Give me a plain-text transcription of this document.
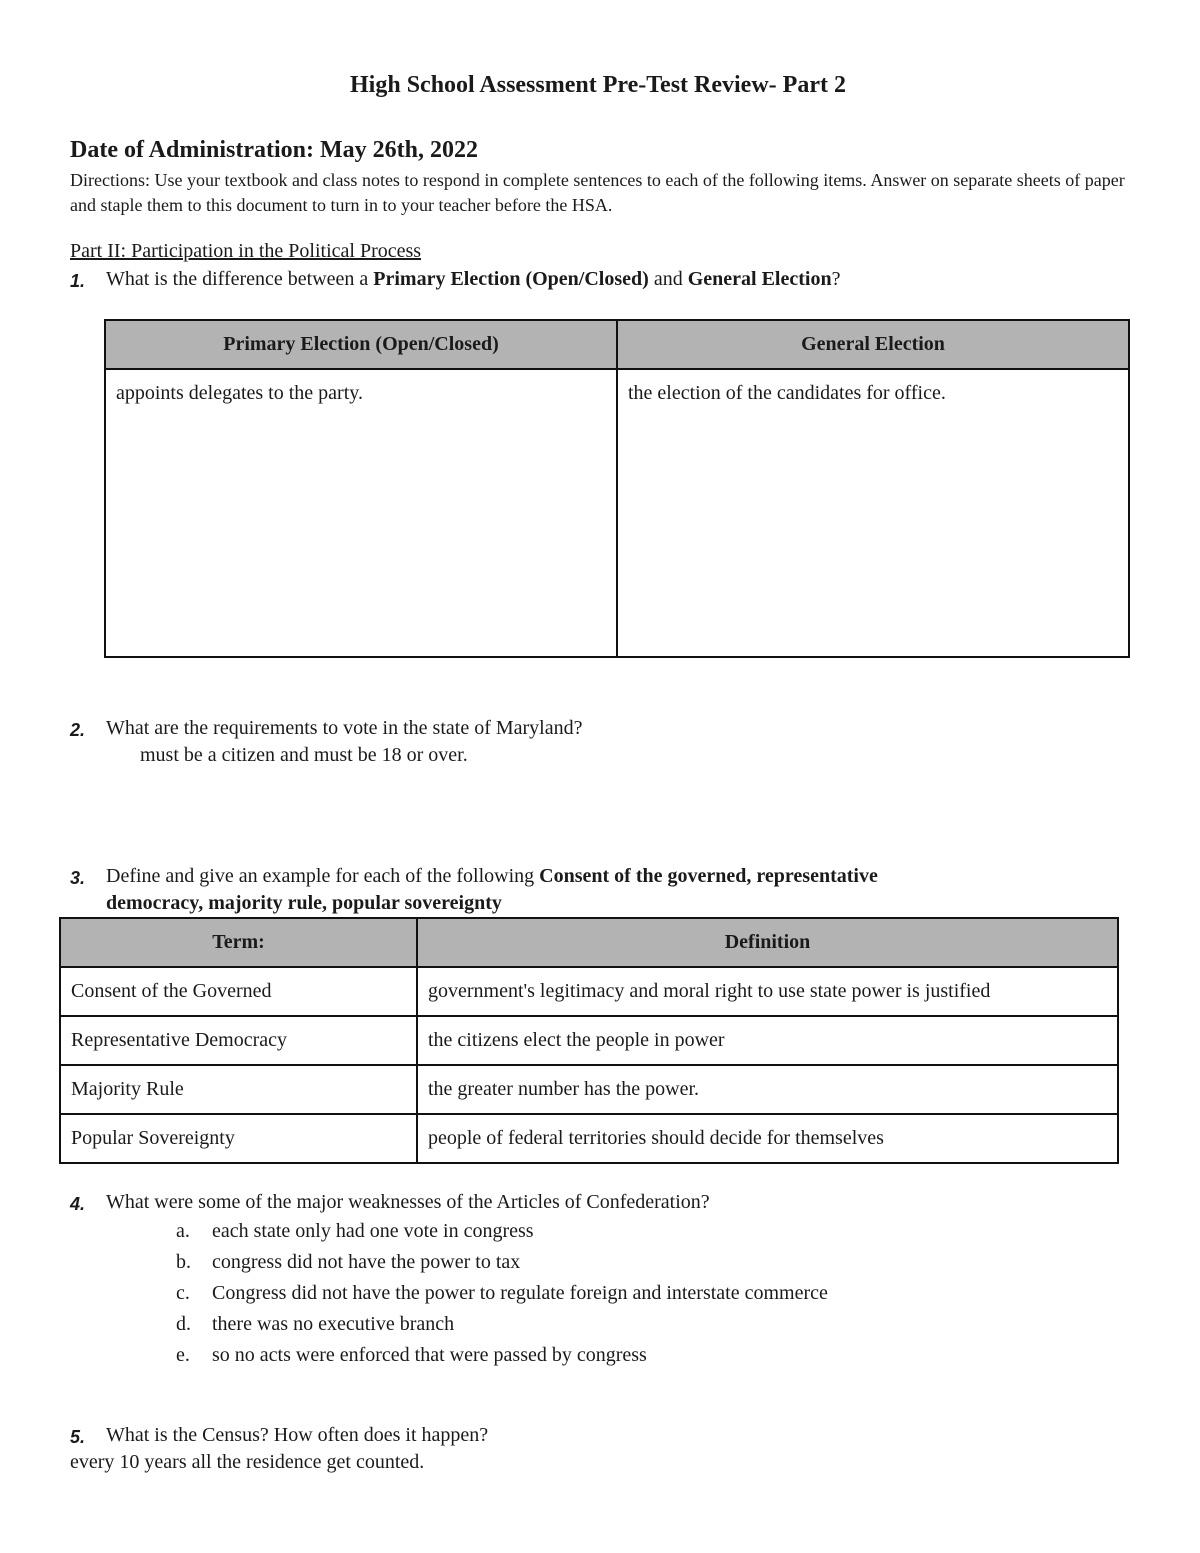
High School Assessment Pre-Test Review- Part 2
Date of Administration: May 26th, 2022
Directions: Use your textbook and class notes to respond in complete sentences to each of the following items. Answer on separate sheets of paper and staple them to this document to turn in to your teacher before the HSA.
Part II: Participation in the Political Process
1. What is the difference between a Primary Election (Open/Closed) and General Election?
Primary Election (Open/Closed)	General Election
appoints delegates to the party.	the election of the candidates for office.
2. What are the requirements to vote in the state of Maryland?
must be a citizen and must be 18 or over.
3. Define and give an example for each of the following Consent of the governed, representative
democracy, majority rule, popular sovereignty
Term:	Definition
Consent of the Governed	government's legitimacy and moral right to use state power is justified
Representative Democracy	the citizens elect the people in power
Majority Rule	the greater number has the power.
Popular Sovereignty	people of federal territories should decide for themselves
4. What were some of the major weaknesses of the Articles of Confederation?
a. each state only had one vote in congress
b. congress did not have the power to tax
c. Congress did not have the power to regulate foreign and interstate commerce
d. there was no executive branch
e. so no acts were enforced that were passed by congress
5. What is the Census? How often does it happen?
every 10 years all the residence get counted.
